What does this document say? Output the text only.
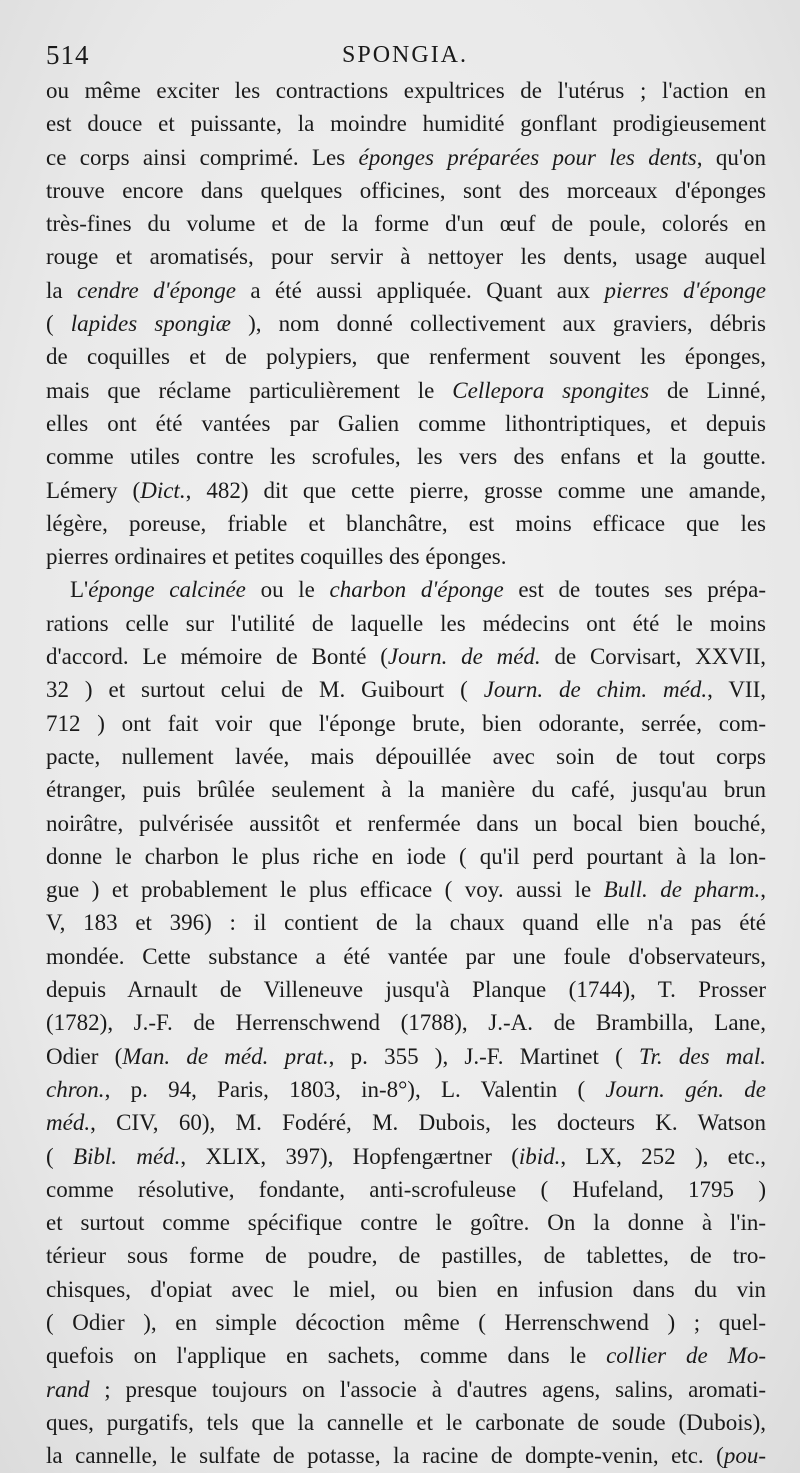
514	SPONGIA.
ou même exciter les contractions expultrices de l'utérus ; l'action en
est douce et puissante, la moindre humidité gonflant prodigieusement
ce corps ainsi comprimé. Les éponges préparées pour les dents, qu'on
trouve encore dans quelques officines, sont des morceaux d'éponges
très-fines du volume et de la forme d'un œuf de poule, colorés en
rouge et aromatisés, pour servir à nettoyer les dents, usage auquel
la cendre d'éponge a été aussi appliquée. Quant aux pierres d'éponge
( lapides spongiæ ), nom donné collectivement aux graviers, débris
de coquilles et de polypiers, que renferment souvent les éponges,
mais que réclame particulièrement le Cellepora spongites de Linné,
elles ont été vantées par Galien comme lithontriptiques, et depuis
comme utiles contre les scrofules, les vers des enfans et la goutte.
Lémery (Dict., 482) dit que cette pierre, grosse comme une amande,
légère, poreuse, friable et blanchâtre, est moins efficace que les
pierres ordinaires et petites coquilles des éponges.
L'éponge calcinée ou le charbon d'éponge est de toutes ses prépa-
rations celle sur l'utilité de laquelle les médecins ont été le moins
d'accord. Le mémoire de Bonté (Journ. de méd. de Corvisart, XXVII,
32 ) et surtout celui de M. Guibourt ( Journ. de chim. méd., VII,
712 ) ont fait voir que l'éponge brute, bien odorante, serrée, com-
pacte, nullement lavée, mais dépouillée avec soin de tout corps
étranger, puis brûlée seulement à la manière du café, jusqu'au brun
noirâtre, pulvérisée aussitôt et renfermée dans un bocal bien bouché,
donne le charbon le plus riche en iode ( qu'il perd pourtant à la lon-
gue ) et probablement le plus efficace ( voy. aussi le Bull. de pharm.,
V, 183 et 396) : il contient de la chaux quand elle n'a pas été
mondée. Cette substance a été vantée par une foule d'observateurs,
depuis Arnault de Villeneuve jusqu'à Planque (1744), T. Prosser
(1782), J.-F. de Herrenschwend (1788), J.-A. de Brambilla, Lane,
Odier (Man. de méd. prat., p. 355 ), J.-F. Martinet ( Tr. des mal.
chron., p. 94, Paris, 1803, in-8°), L. Valentin ( Journ. gén. de
méd., CIV, 60), M. Fodéré, M. Dubois, les docteurs K. Watson
( Bibl. méd., XLIX, 397), Hopfengærtner (ibid., LX, 252 ), etc.,
comme résolutive, fondante, anti-scrofuleuse ( Hufeland, 1795 )
et surtout comme spécifique contre le goître. On la donne à l'in-
térieur sous forme de poudre, de pastilles, de tablettes, de tro-
chisques, d'opiat avec le miel, ou bien en infusion dans du vin
( Odier ), en simple décoction même ( Herrenschwend ) ; quel-
quefois on l'applique en sachets, comme dans le collier de Mo-
rand ; presque toujours on l'associe à d'autres agens, salins, aromati-
ques, purgatifs, tels que la cannelle et le carbonate de soude (Dubois),
la cannelle, le sulfate de potasse, la racine de dompte-venin, etc. (pou-
